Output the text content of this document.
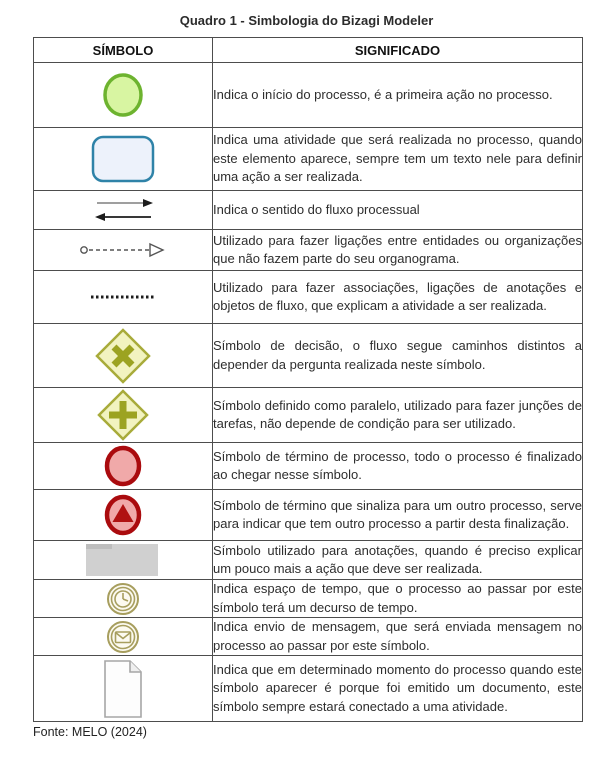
Quadro 1 - Simbologia do Bizagi Modeler
SÍMBOLO	SIGNIFICADO

	Indica o início do processo, é a primeira ação no processo.

	Indica uma atividade que será realizada no processo, quando este elemento aparece, sempre tem um texto nele para definir uma ação a ser realizada.

	Indica o sentido do fluxo processual

	Utilizado para fazer ligações entre entidades ou organizações que não fazem parte do seu organograma.

	Utilizado para fazer associações, ligações de anotações e objetos de fluxo, que explicam a atividade a ser realizada.

	Símbolo de decisão, o fluxo segue caminhos distintos a depender da pergunta realizada neste símbolo.

	Símbolo definido como paralelo, utilizado para fazer junções de tarefas, não depende de condição para ser utilizado.

	Símbolo de término de processo, todo o processo é finalizado ao chegar nesse símbolo.

	Símbolo de término que sinaliza para um outro processo, serve para indicar que tem outro processo a partir desta finalização.

	Símbolo utilizado para anotações, quando é preciso explicar um pouco mais a ação que deve ser realizada.

	Indica espaço de tempo, que o processo ao passar por este símbolo terá um decurso de tempo.

	Indica envio de mensagem, que será enviada mensagem no processo ao passar por este símbolo.

	Indica que em determinado momento do processo quando este símbolo aparecer é porque foi emitido um documento, este símbolo sempre estará conectado a uma atividade.
Fonte: MELO (2024)
